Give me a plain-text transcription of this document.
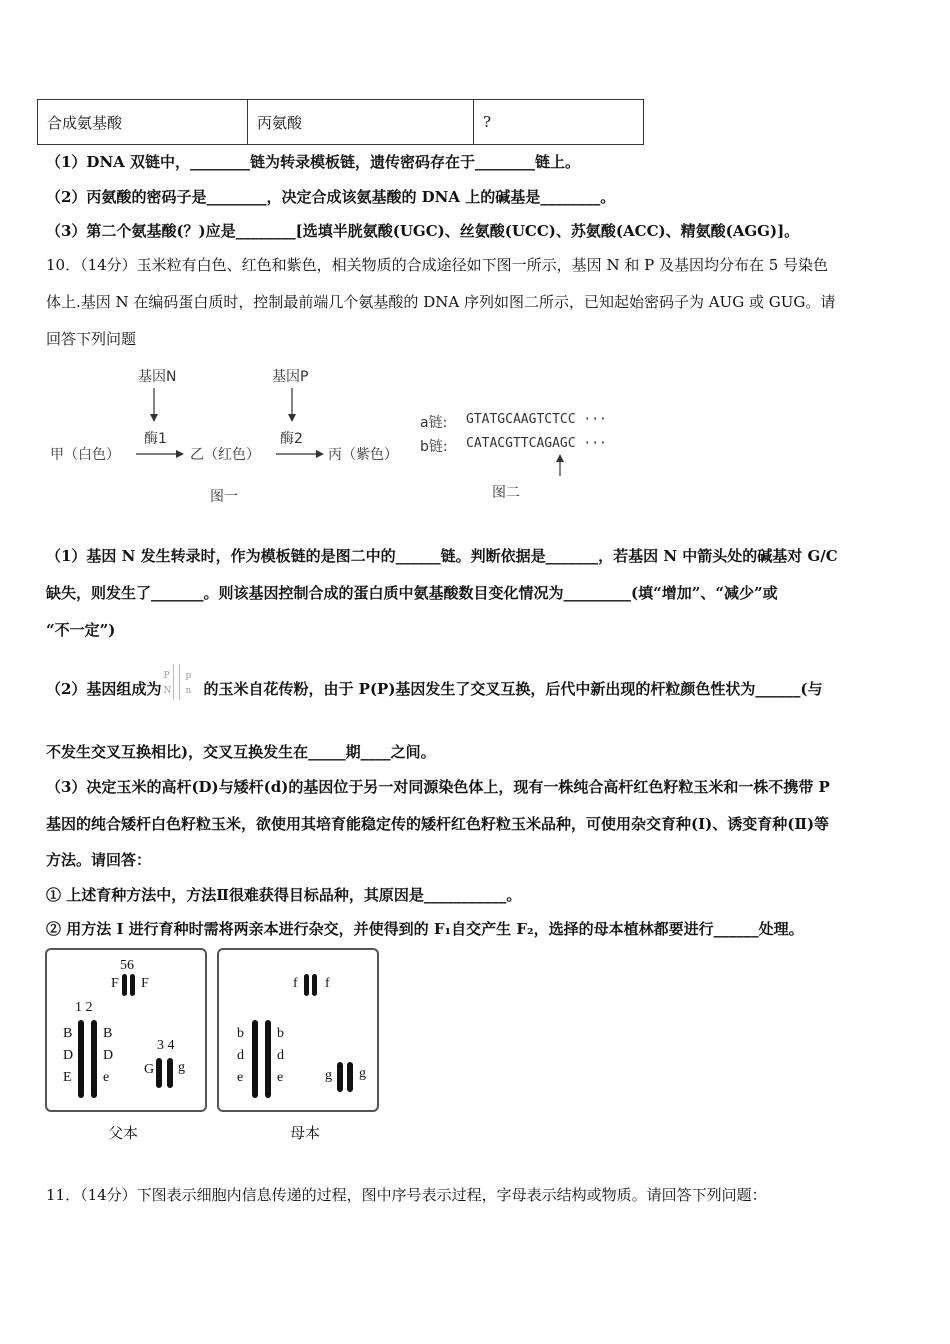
合成氨基酸	丙氨酸	?
（1）DNA 双链中，________链为转录模板链，遗传密码存在于________链上。
（2）丙氨酸的密码子是________，决定合成该氨基酸的 DNA 上的碱基是________。
（3）第二个氨基酸(？)应是________[选填半胱氨酸(UGC)、丝氨酸(UCC)、苏氨酸(ACC)、精氨酸(AGG)]。
10．（14分）玉米粒有白色、红色和紫色，相关物质的合成途径如下图一所示，基因 N 和 P 及基因均分布在 5 号染色
体上.基因 N 在编码蛋白质时，控制最前端几个氨基酸的 DNA 序列如图二所示，已知起始密码子为 AUG 或 GUG。请
回答下列问题
基因N	基因P
酶1	酶2
甲（白色）	乙（红色）	丙（紫色）
图一
a链: GTATGCAAGTCTCC ···
b链: CATACGTTCAGAGC ···
图二
（1）基因 N 发生转录时，作为模板链的是图二中的______链。判断依据是_______，若基因 N 中箭头处的碱基对 G/C
缺失，则发生了_______。则该基因控制合成的蛋白质中氨基酸数目变化情况为_________(填“增加”、“减少”或
“不一定”)
（2）基因组成为
P
N
p
n 的玉米自花传粉，由于 P(P)基因发生了交叉互换，后代中新出现的杆粒颜色性状为______(与
不发生交叉互换相比)，交叉互换发生在_____期____之间。
（3）决定玉米的高杆(D)与矮杆(d)的基因位于另一对同源染色体上，现有一株纯合高杆红色籽粒玉米和一株不携带 P
基因的纯合矮杆白色籽粒玉米，欲使用其培育能稳定传的矮杆红色籽粒玉米品种，可使用杂交育种(I)、诱变育种(Ⅱ)等
方法。请回答：
① 上述育种方法中，方法Ⅱ很难获得目标品种，其原因是___________。
② 用方法 I 进行育种时需将两亲本进行杂交，并使得到的 F₁自交产生 F₂，选择的母本植林都要进行______处理。
56
F F
1 2
B
D
E
B
D
e
3 4
G g
父本
f f
b
d
e
b
d
e	g g
母本
11．（14分）下图表示细胞内信息传递的过程，图中序号表示过程，字母表示结构或物质。请回答下列问题：
